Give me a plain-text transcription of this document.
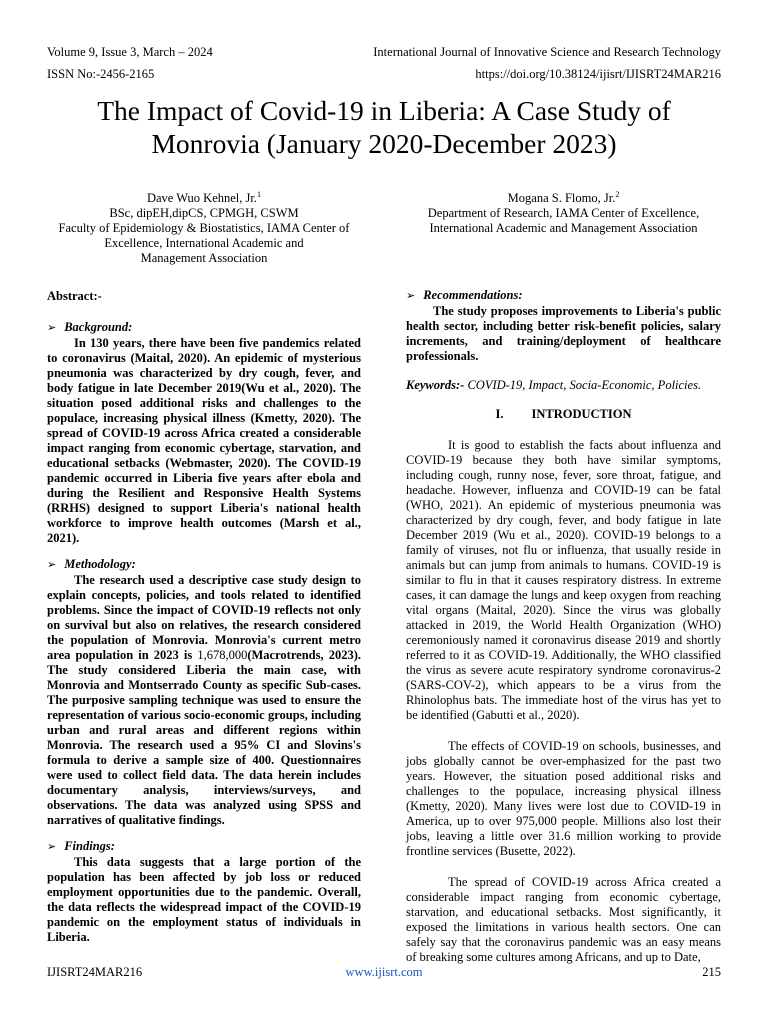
Volume 9, Issue 3, March – 2024	International Journal of Innovative Science and Research Technology
ISSN No:-2456-2165	https://doi.org/10.38124/ijisrt/IJISRT24MAR216
The Impact of Covid-19 in Liberia: A Case Study of
Monrovia (January 2020-December 2023)
Dave Wuo Kehnel, Jr.$^1$
BSc, dipEH,dipCS, CPMGH, CSWM
Faculty of Epidemiology & Biostatistics, IAMA Center of
Excellence, International Academic and
Management Association
Mogana S. Flomo, Jr.$^2$
Department of Research, IAMA Center of Excellence,
International Academic and Management Association
Abstract:-
➢ Background:

In 130 years, there have been five pandemics related to coronavirus (Maital, 2020). An epidemic of mysterious pneumonia was characterized by dry cough, fever, and body fatigue in late December 2019(Wu et al., 2020). The situation posed additional risks and challenges to the populace, increasing physical illness (Kmetty, 2020). The spread of COVID-19 across Africa created a considerable impact ranging from economic cybertage, starvation, and educational setbacks (Webmaster, 2020). The COVID-19 pandemic occurred in Liberia five years after ebola and during the Resilient and Responsive Health Systems (RRHS) designed to support Liberia's national health workforce to improve health outcomes (Marsh et al., 2021).

➢ Methodology:

The research used a descriptive case study design to explain concepts, policies, and tools related to identified problems. Since the impact of COVID-19 reflects not only on survival but also on relatives, the research considered the population of Monrovia. Monrovia's current metro area population in 2023 is 1,678,000(Macrotrends, 2023). The study considered Liberia the main case, with Monrovia and Montserrado County as specific Sub-cases. The purposive sampling technique was used to ensure the representation of various socio-economic groups, including urban and rural areas and different regions within Monrovia. The research used a 95% CI and Slovins's formula to derive a sample size of 400. Questionnaires were used to collect field data. The data herein includes documentary analysis, interviews/surveys, and observations. The data was analyzed using SPSS and narratives of qualitative findings.

➢ Findings:

This data suggests that a large portion of the population has been affected by job loss or reduced employment opportunities due to the pandemic. Overall, the data reflects the widespread impact of the COVID-19 pandemic on the employment status of individuals in Liberia.

➢ Recommendations:

The study proposes improvements to Liberia's public health sector, including better risk-benefit policies, salary increments, and training/deployment of healthcare professionals.

Keywords:- COVID-19, Impact, Socia-Economic, Policies.
I. INTRODUCTION

It is good to establish the facts about influenza and COVID-19 because they both have similar symptoms, including cough, runny nose, fever, sore throat, fatigue, and headache. However, influenza and COVID-19 can be fatal (WHO, 2021). An epidemic of mysterious pneumonia was characterized by dry cough, fever, and body fatigue in late December 2019 (Wu et al., 2020). COVID-19 belongs to a family of viruses, not flu or influenza, that usually reside in animals but can jump from animals to humans. COVID-19 is similar to flu in that it causes respiratory distress. In extreme cases, it can damage the lungs and keep oxygen from reaching vital organs (Maital, 2020). Since the virus was globally attacked in 2019, the World Health Organization (WHO) ceremoniously named it coronavirus disease 2019 and shortly referred to it as COVID-19. Additionally, the WHO classified the virus as severe acute respiratory syndrome coronavirus-2 (SARS-COV-2), which appears to be a virus from the Rhinolophus bats. The immediate host of the virus has yet to be identified (Gabutti et al., 2020).

The effects of COVID-19 on schools, businesses, and jobs globally cannot be over-emphasized for the past two years. However, the situation posed additional risks and challenges to the populace, increasing physical illness (Kmetty, 2020). Many lives were lost due to COVID-19 in America, up to over 975,000 people. Millions also lost their jobs, leaving a little over 31.6 million working to provide frontline services (Busette, 2022).

The spread of COVID-19 across Africa created a considerable impact ranging from economic cybertage, starvation, and educational setbacks. Most significantly, it exposed the limitations in various health sectors. One can safely say that the coronavirus pandemic was an easy means of breaking some cultures among Africans, and up to Date,

IJISRT24MAR216	www.ijisrt.com	215
